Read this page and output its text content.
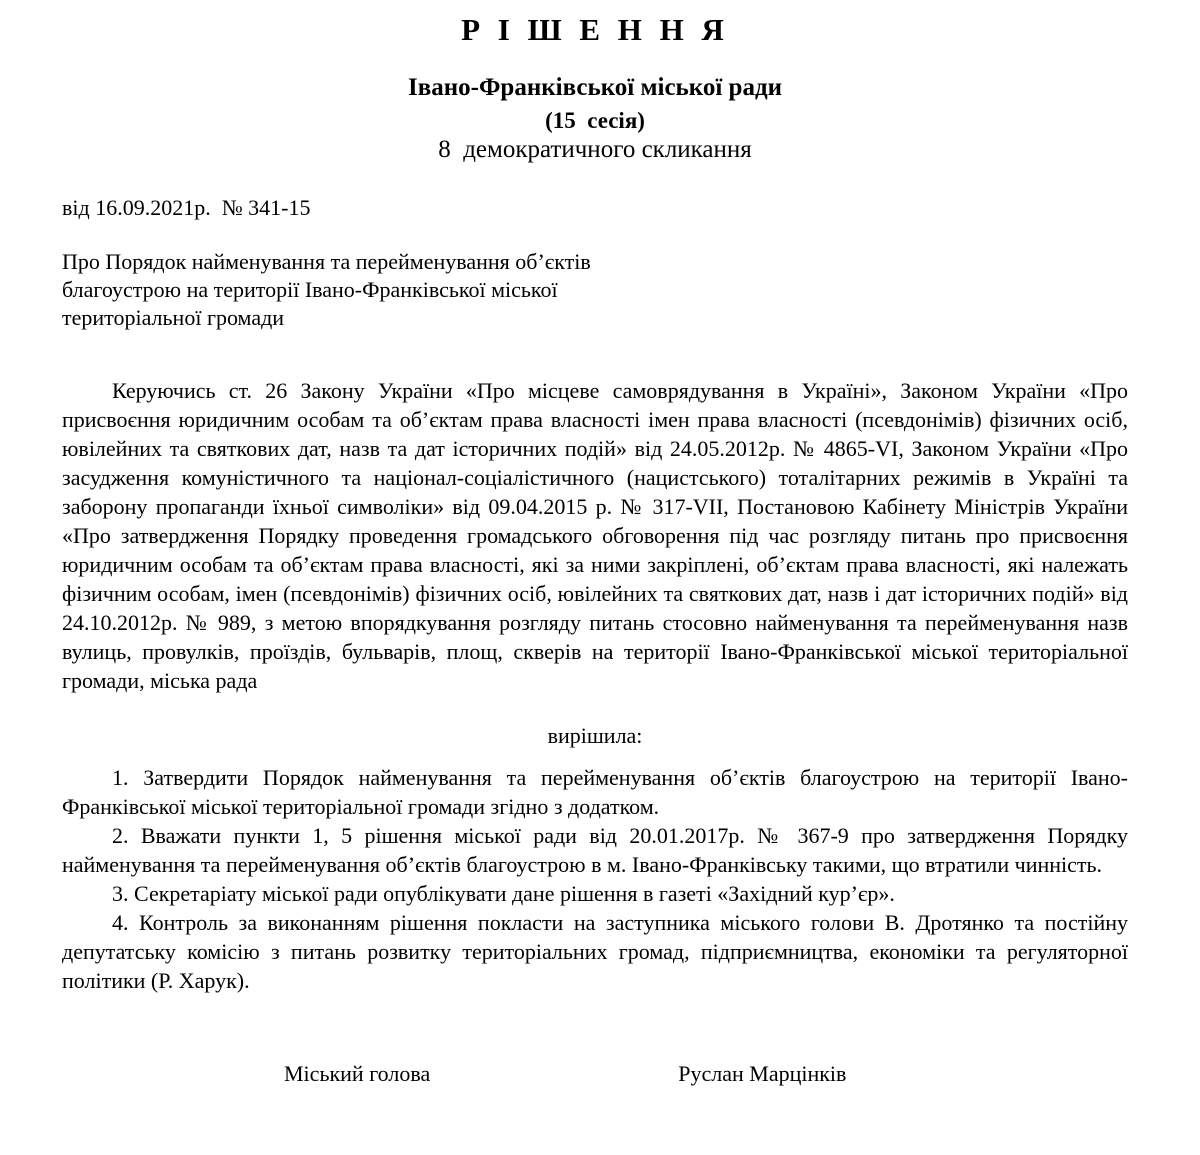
Р І Ш Е Н Н Я
Івано-Франківської міської ради
(15  сесія)
8  демократичного скликання
від 16.09.2021р.  № 341-15
Про Порядок найменування та перейменування об’єктів
благоустрою на території Івано-Франківської міської
територіальної громади

Керуючись ст. 26 Закону України «Про місцеве самоврядування в Україні», Законом України «Про присвоєння юридичним особам та об’єктам права власності імен права власності (псевдонімів) фізичних осіб, ювілейних та святкових дат, назв та дат історичних подій» від 24.05.2012р. № 4865-VI, Законом України «Про засудження комуністичного та націонал-соціалістичного (нацистського) тоталітарних режимів в Україні та заборону пропаганди їхньої символіки» від 09.04.2015 р. № 317-VII, Постановою Кабінету Міністрів України «Про затвердження Порядку проведення громадського обговорення під час розгляду питань про присвоєння юридичним особам та об’єктам права власності, які за ними закріплені, об’єктам права власності, які належать фізичним особам, імен (псевдонімів) фізичних осіб, ювілейних та святкових дат, назв і дат історичних подій» від 24.10.2012р. № 989, з метою впорядкування розгляду питань стосовно найменування та перейменування назв вулиць, провулків, проїздів, бульварів, площ, скверів на території Івано-Франківської міської територіальної громади, міська рада

вирішила:

1. Затвердити Порядок найменування та перейменування об’єктів благоустрою на території Івано-Франківської міської територіальної громади згідно з додатком.

2. Вважати пункти 1, 5 рішення міської ради від 20.01.2017р. № 367-9 про затвердження Порядку найменування та перейменування об’єктів благоустрою в м. Івано-Франківську такими, що втратили чинність.

3. Секретаріату міської ради опублікувати дане рішення в газеті «Західний кур’єр».

4. Контроль за виконанням рішення покласти на заступника міського голови В. Дротянко та постійну депутатську комісію з питань розвитку територіальних громад, підприємництва, економіки та регуляторної політики (Р. Харук).

Міський голова	Руслан Марцінків
